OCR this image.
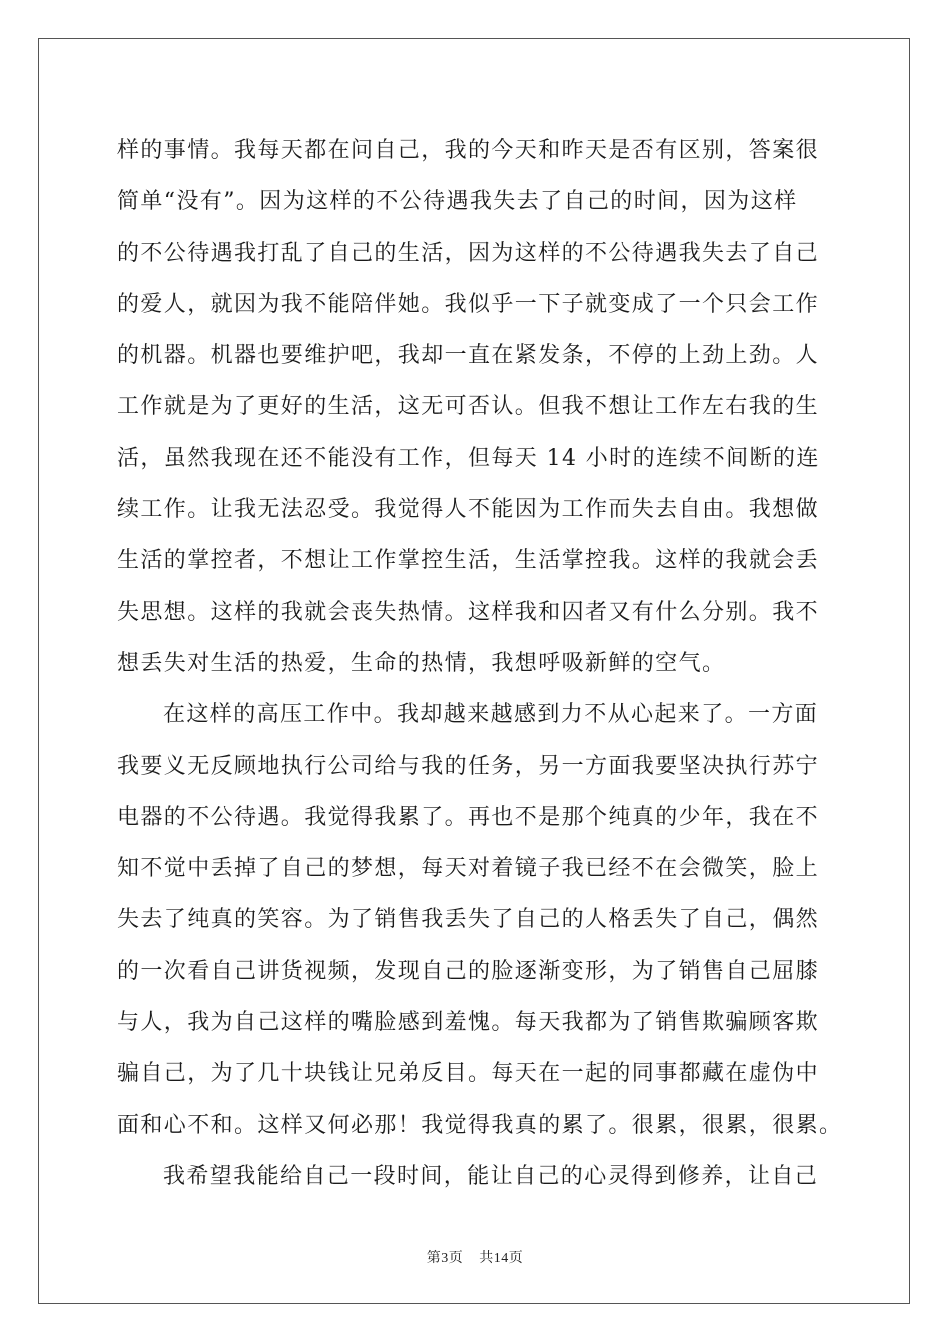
样的事情。我每天都在问自己，我的今天和昨天是否有区别，答案很
简单“没有”。因为这样的不公待遇我失去了自己的时间，因为这样
的不公待遇我打乱了自己的生活，因为这样的不公待遇我失去了自己
的爱人，就因为我不能陪伴她。我似乎一下子就变成了一个只会工作
的机器。机器也要维护吧，我却一直在紧发条，不停的上劲上劲。人
工作就是为了更好的生活，这无可否认。但我不想让工作左右我的生
活，虽然我现在还不能没有工作，但每天 14 小时的连续不间断的连
续工作。让我无法忍受。我觉得人不能因为工作而失去自由。我想做
生活的掌控者，不想让工作掌控生活，生活掌控我。这样的我就会丢
失思想。这样的我就会丧失热情。这样我和囚者又有什么分别。我不
想丢失对生活的热爱，生命的热情，我想呼吸新鲜的空气。
在这样的高压工作中。我却越来越感到力不从心起来了。一方面
我要义无反顾地执行公司给与我的任务，另一方面我要坚决执行苏宁
电器的不公待遇。我觉得我累了。再也不是那个纯真的少年，我在不
知不觉中丢掉了自己的梦想，每天对着镜子我已经不在会微笑，脸上
失去了纯真的笑容。为了销售我丢失了自己的人格丢失了自己，偶然
的一次看自己讲货视频，发现自己的脸逐渐变形，为了销售自己屈膝
与人，我为自己这样的嘴脸感到羞愧。每天我都为了销售欺骗顾客欺
骗自己，为了几十块钱让兄弟反目。每天在一起的同事都藏在虚伪中
面和心不和。这样又何必那！我觉得我真的累了。很累，很累，很累。
我希望我能给自己一段时间，能让自己的心灵得到修养，让自己
第3页 共14页
